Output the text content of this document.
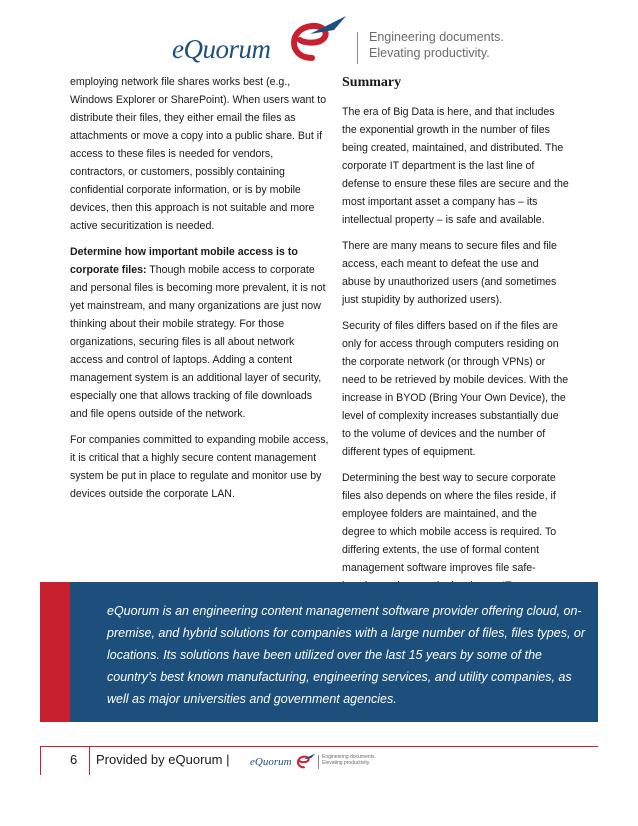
eQuorum	Engineering documents.
Elevating productivity.

employing network file shares works best (e.g., Windows Explorer or SharePoint). When users want to distribute their files, they either email the files as attachments or move a copy into a public share. But if access to these files is needed for vendors, contractors, or customers, possibly containing confidential corporate information, or is by mobile devices, then this approach is not suitable and more active securitization is needed.

Determine how important mobile access is to corporate files: Though mobile access to corporate and personal files is becoming more prevalent, it is not yet mainstream, and many organizations are just now thinking about their mobile strategy. For those organizations, securing files is all about network access and control of laptops. Adding a content management system is an additional layer of security, especially one that allows tracking of file downloads and file opens outside of the network.

For companies committed to expanding mobile access, it is critical that a highly secure content management system be put in place to regulate and monitor use by devices outside the corporate LAN.

Summary

The era of Big Data is here, and that includes the exponential growth in the number of files being created, maintained, and distributed. The corporate IT department is the last line of defense to ensure these files are secure and the most important asset a company has – its intellectual property – is safe and available.

There are many means to secure files and file access, each meant to defeat the use and abuse by unauthorized users (and sometimes just stupidity by authorized users).

Security of files differs based on if the files are only for access through computers residing on the corporate network (or through VPNs) or need to be retrieved by mobile devices. With the increase in BYOD (Bring Your Own Device), the level of complexity increases substantially due to the volume of devices and the number of different types of equipment.

Determining the best way to secure corporate files also depends on where the files reside, if employee folders are maintained, and the degree to which mobile access is required. To differing extents, the use of formal content management software improves file safe-

eQuorum is an engineering content management software provider offering cloud, on-premise, and hybrid solutions for companies with a large number of files, files types, or locations. Its solutions have been utilized over the last 15 years by some of the country’s best known manufacturing, engineering services, and utility companies, as well as major universities and government agencies.
6 Provided by eQuorum | eQuorum	Engineering documents.
Elevating productivity.
